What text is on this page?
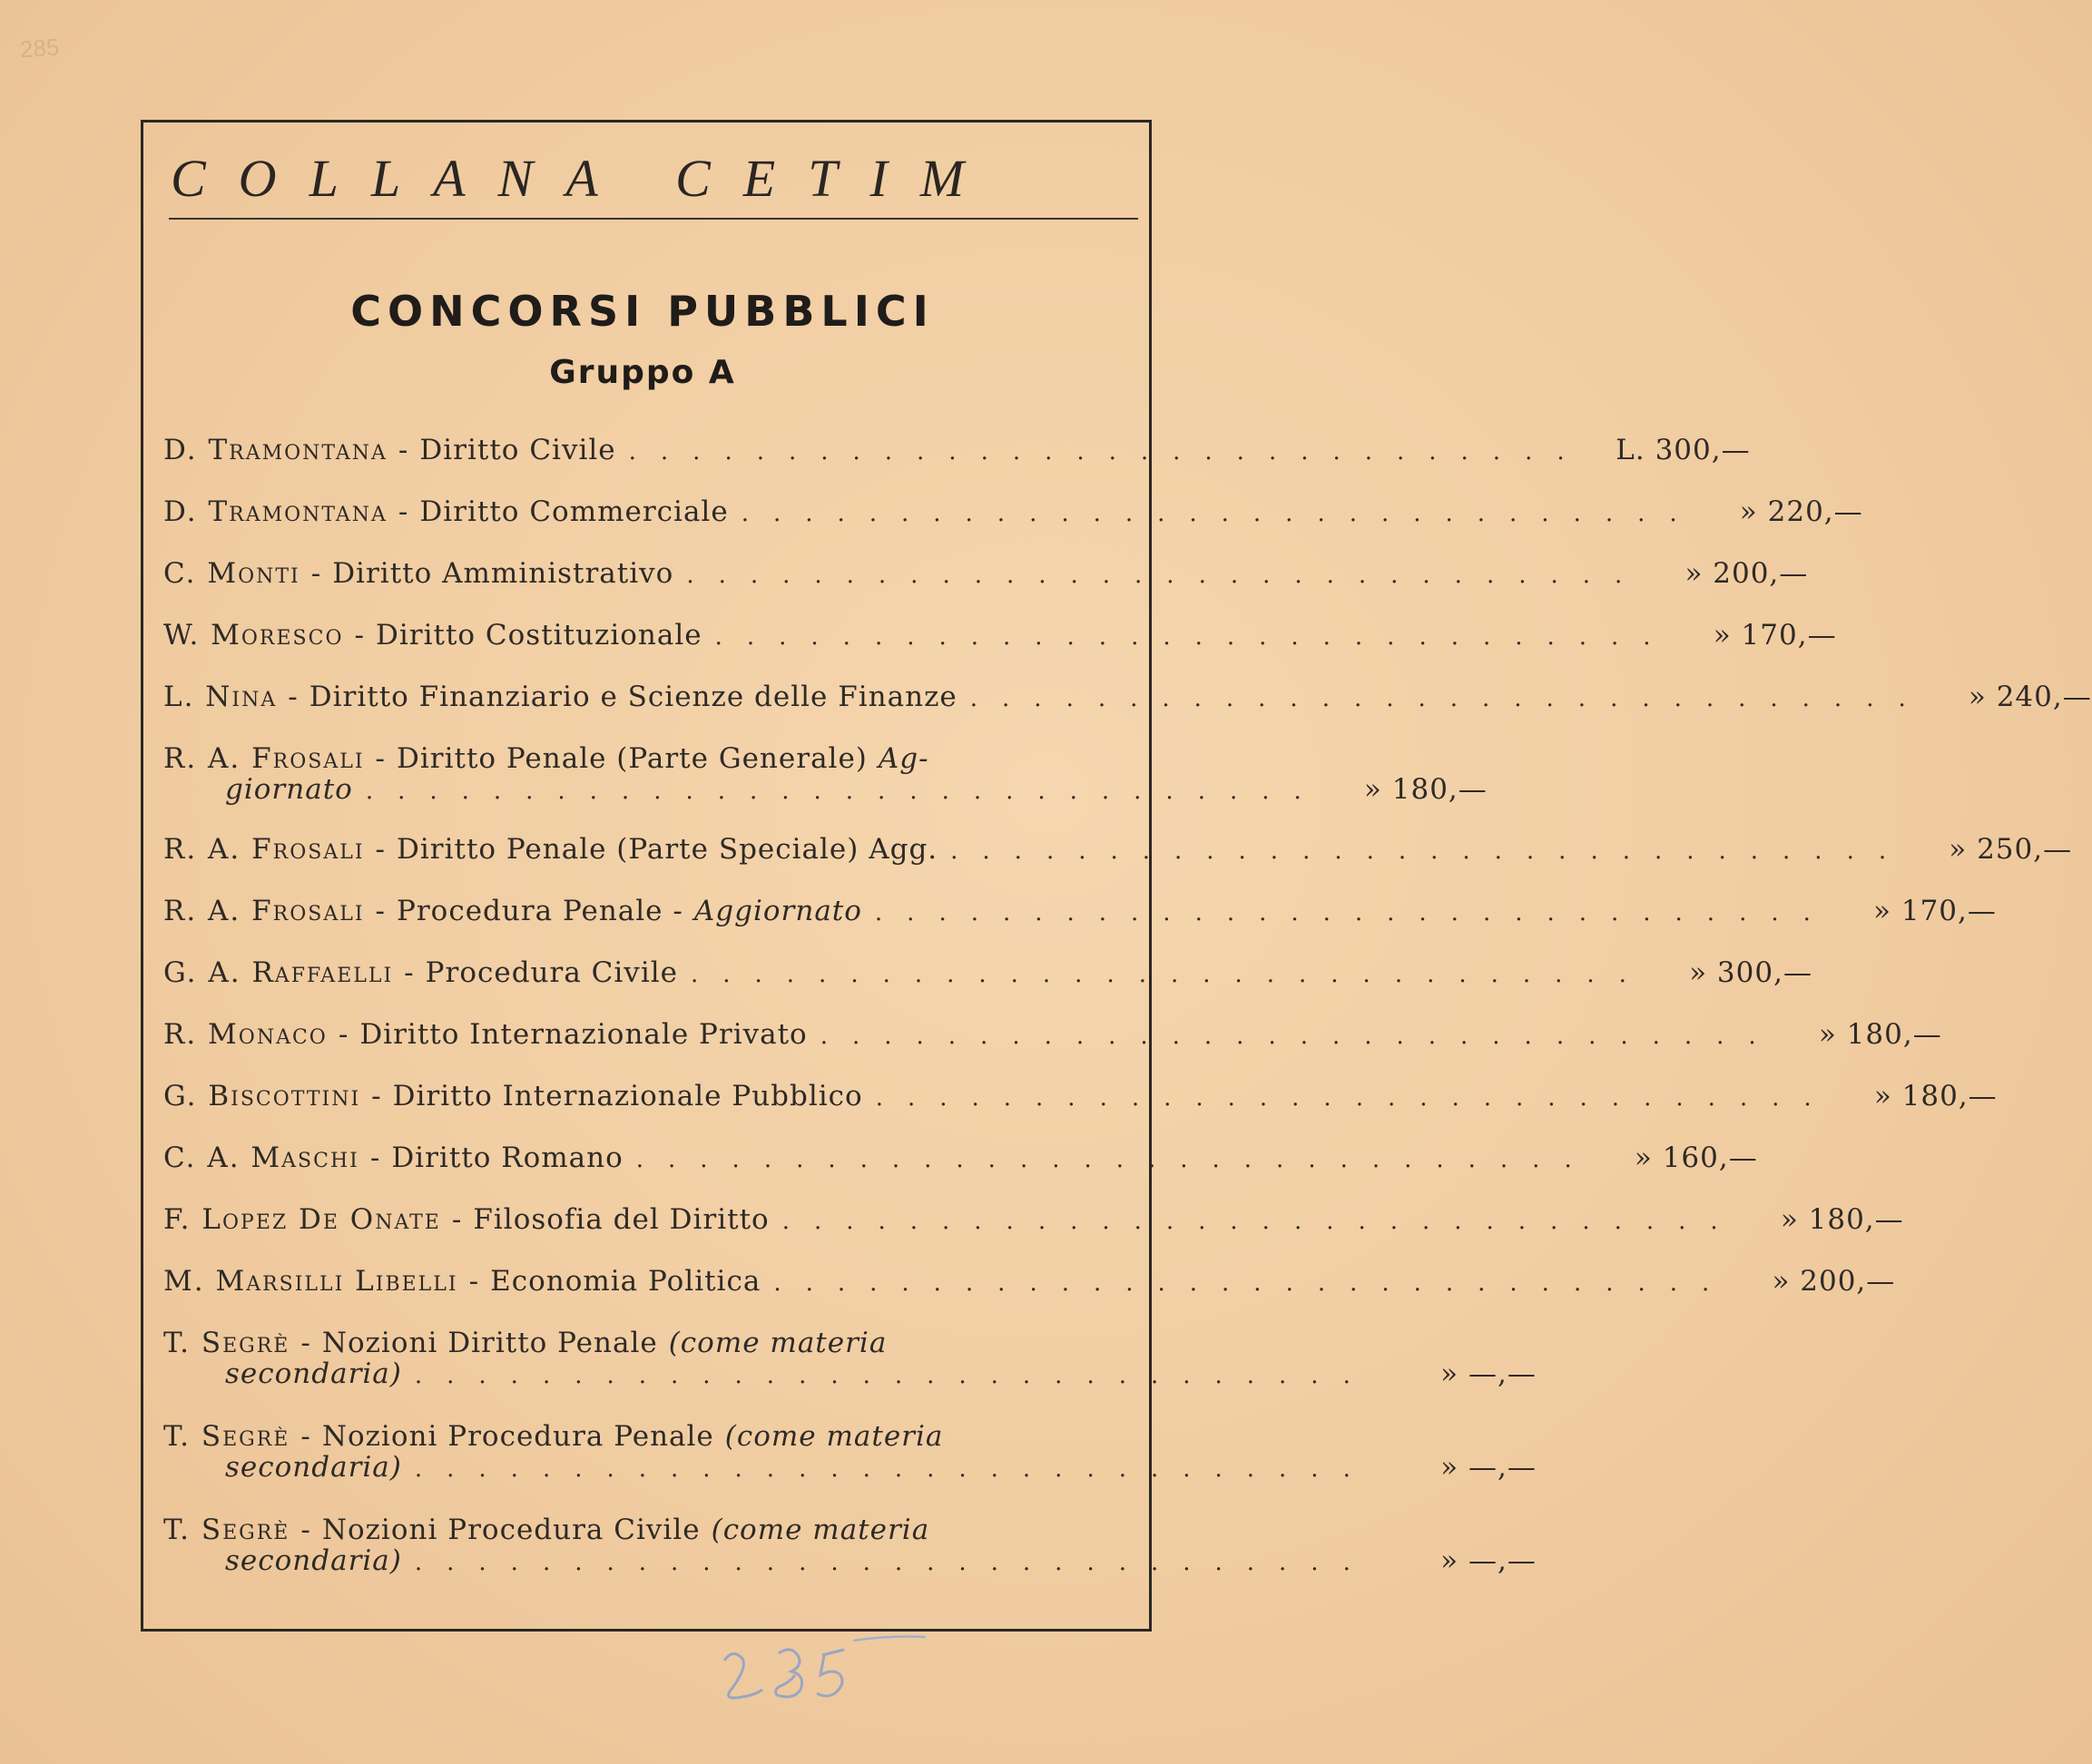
285
COLLANA CETIM
CONCORSI PUBBLICI
Gruppo A
D. Tramontana - Diritto Civile .............................. L. 300,—
D. Tramontana - Diritto Commerciale ..............................	» 220,—
C. Monti - Diritto Amministrativo ..............................	» 200,—
W. Moresco - Diritto Costituzionale ..............................	» 170,—
L. Nina - Diritto Finanziario e Scienze delle Finanze ..............................	» 240,—
R. A. Frosali - Diritto Penale (Parte Generale) Ag-
giornato ..............................	» 180,—
R. A. Frosali - Diritto Penale (Parte Speciale) Agg. ..............................	» 250,—
R. A. Frosali - Procedura Penale - Aggiornato ..............................	» 170,—
G. A. Raffaelli - Procedura Civile ..............................	» 300,—
R. Monaco - Diritto Internazionale Privato ..............................	» 180,—
G. Biscottini - Diritto Internazionale Pubblico ..............................	» 180,—
C. A. Maschi - Diritto Romano ..............................	» 160,—
F. Lopez De Onate - Filosofia del Diritto ..............................	» 180,—
M. Marsilli Libelli - Economia Politica ..............................	» 200,—
T. Segrè - Nozioni Diritto Penale (come materia
secondaria) ..............................	» —,—
T. Segrè - Nozioni Procedura Penale (come materia
secondaria) ..............................	» —,—
T. Segrè - Nozioni Procedura Civile (come materia
secondaria) ..............................	» —,—
